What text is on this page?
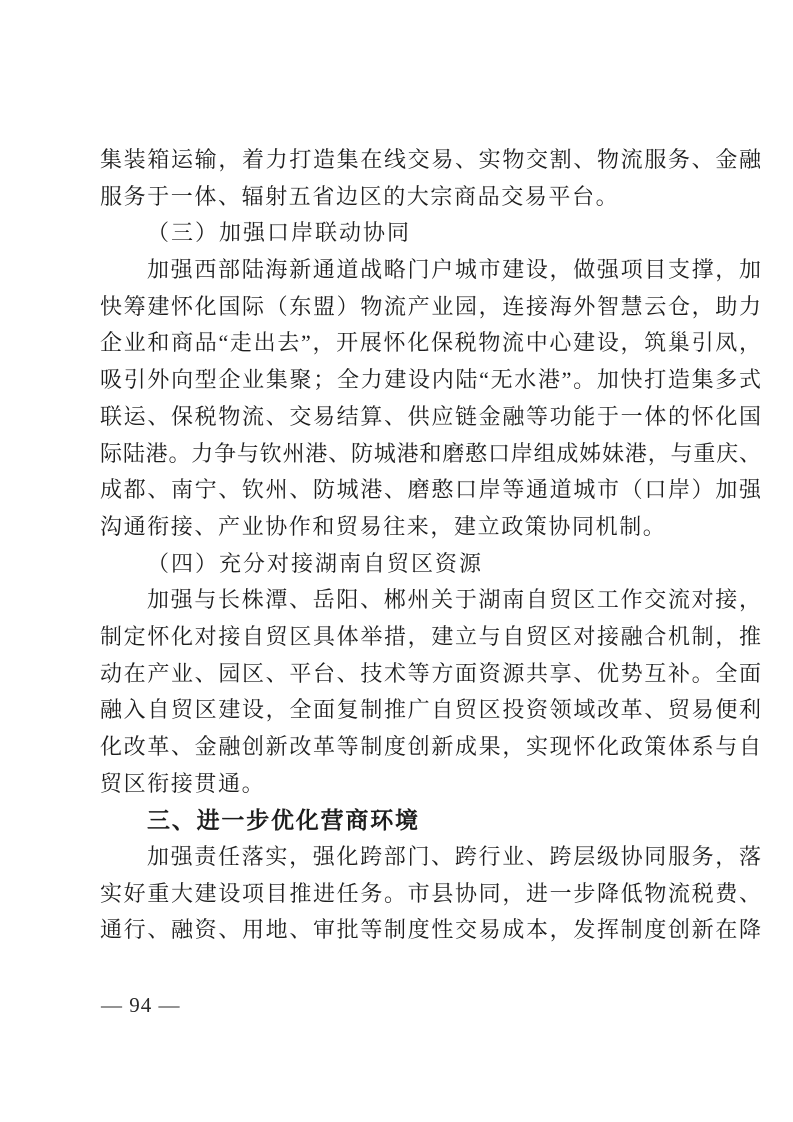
集装箱运输，着力打造集在线交易、实物交割、物流服务、金融
服务于一体、辐射五省边区的大宗商品交易平台。
（三）加强口岸联动协同
加强西部陆海新通道战略门户城市建设，做强项目支撑，加
快筹建怀化国际（东盟）物流产业园，连接海外智慧云仓，助力
企业和商品“走出去”，开展怀化保税物流中心建设，筑巢引凤，
吸引外向型企业集聚；全力建设内陆“无水港”。加快打造集多式
联运、保税物流、交易结算、供应链金融等功能于一体的怀化国
际陆港。力争与钦州港、防城港和磨憨口岸组成姊妹港，与重庆、
成都、南宁、钦州、防城港、磨憨口岸等通道城市（口岸）加强
沟通衔接、产业协作和贸易往来，建立政策协同机制。
（四）充分对接湖南自贸区资源
加强与长株潭、岳阳、郴州关于湖南自贸区工作交流对接，
制定怀化对接自贸区具体举措，建立与自贸区对接融合机制，推
动在产业、园区、平台、技术等方面资源共享、优势互补。全面
融入自贸区建设，全面复制推广自贸区投资领域改革、贸易便利
化改革、金融创新改革等制度创新成果，实现怀化政策体系与自
贸区衔接贯通。
三、进一步优化营商环境
加强责任落实，强化跨部门、跨行业、跨层级协同服务，落
实好重大建设项目推进任务。市县协同，进一步降低物流税费、
通行、融资、用地、审批等制度性交易成本，发挥制度创新在降
— 94 —
